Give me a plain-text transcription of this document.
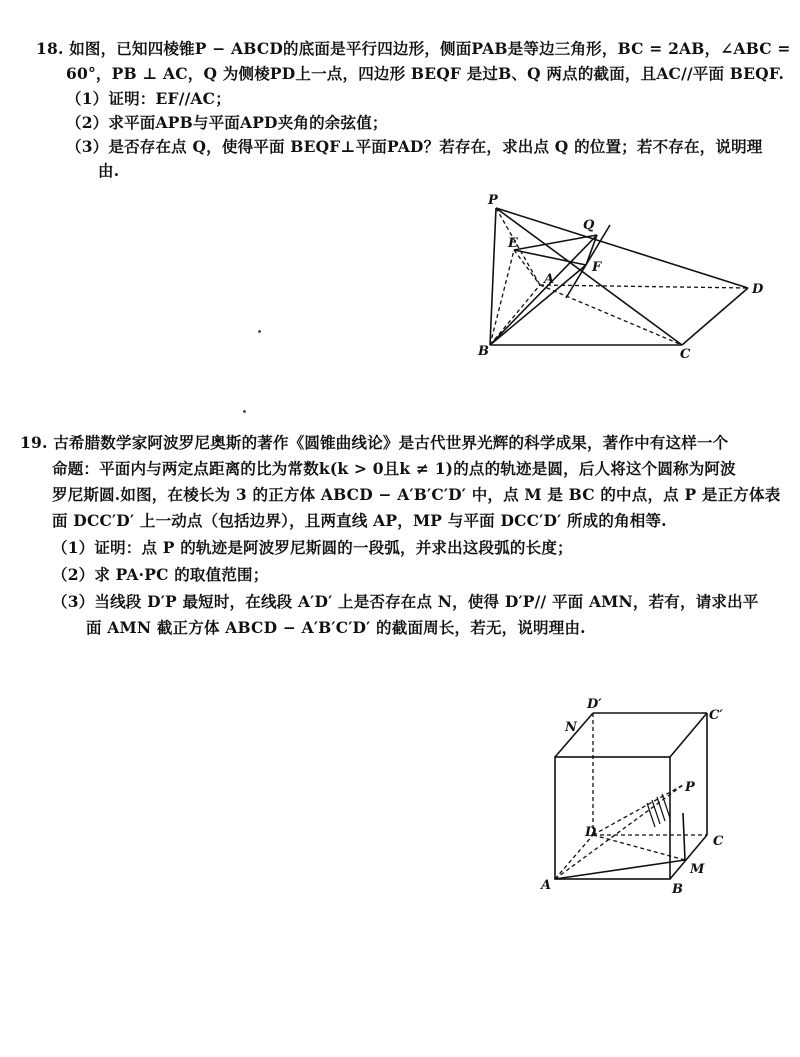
18. 如图，已知四棱锥P − ABCD的底面是平行四边形，侧面PAB是等边三角形，BC = 2AB，∠ABC =
60°，PB ⊥ AC，Q 为侧棱PD上一点，四边形 BEQF 是过B、Q 两点的截面，且AC//平面 BEQF.
（1）证明：EF//AC；
（2）求平面APB与平面APD夹角的余弦值；
（3）是否存在点 Q，使得平面 BEQF⊥平面PAD？若存在，求出点 Q 的位置；若不存在，说明理
由.
P
Q
E
F
A
B	C
D
19. 古希腊数学家阿波罗尼奥斯的著作《圆锥曲线论》是古代世界光辉的科学成果，著作中有这样一个
命题：平面内与两定点距离的比为常数k(k > 0且k ≠ 1)的点的轨迹是圆，后人将这个圆称为阿波
罗尼斯圆.如图，在棱长为 3 的正方体 ABCD − A′B′C′D′ 中，点 M 是 BC 的中点，点 P 是正方体表
面 DCC′D′ 上一动点（包括边界），且两直线 AP，MP 与平面 DCC′D′ 所成的角相等.
（1）证明：点 P 的轨迹是阿波罗尼斯圆的一段弧，并求出这段弧的长度；
（2）求 PA·PC 的取值范围；
（3）当线段 D′P 最短时，在线段 A′D′ 上是否存在点 N，使得 D′P// 平面 AMN，若有，请求出平
面 AMN 截正方体 ABCD − A′B′C′D′ 的截面周长，若无，说明理由.
D′
C′
N
P
D
C
M
A	B
